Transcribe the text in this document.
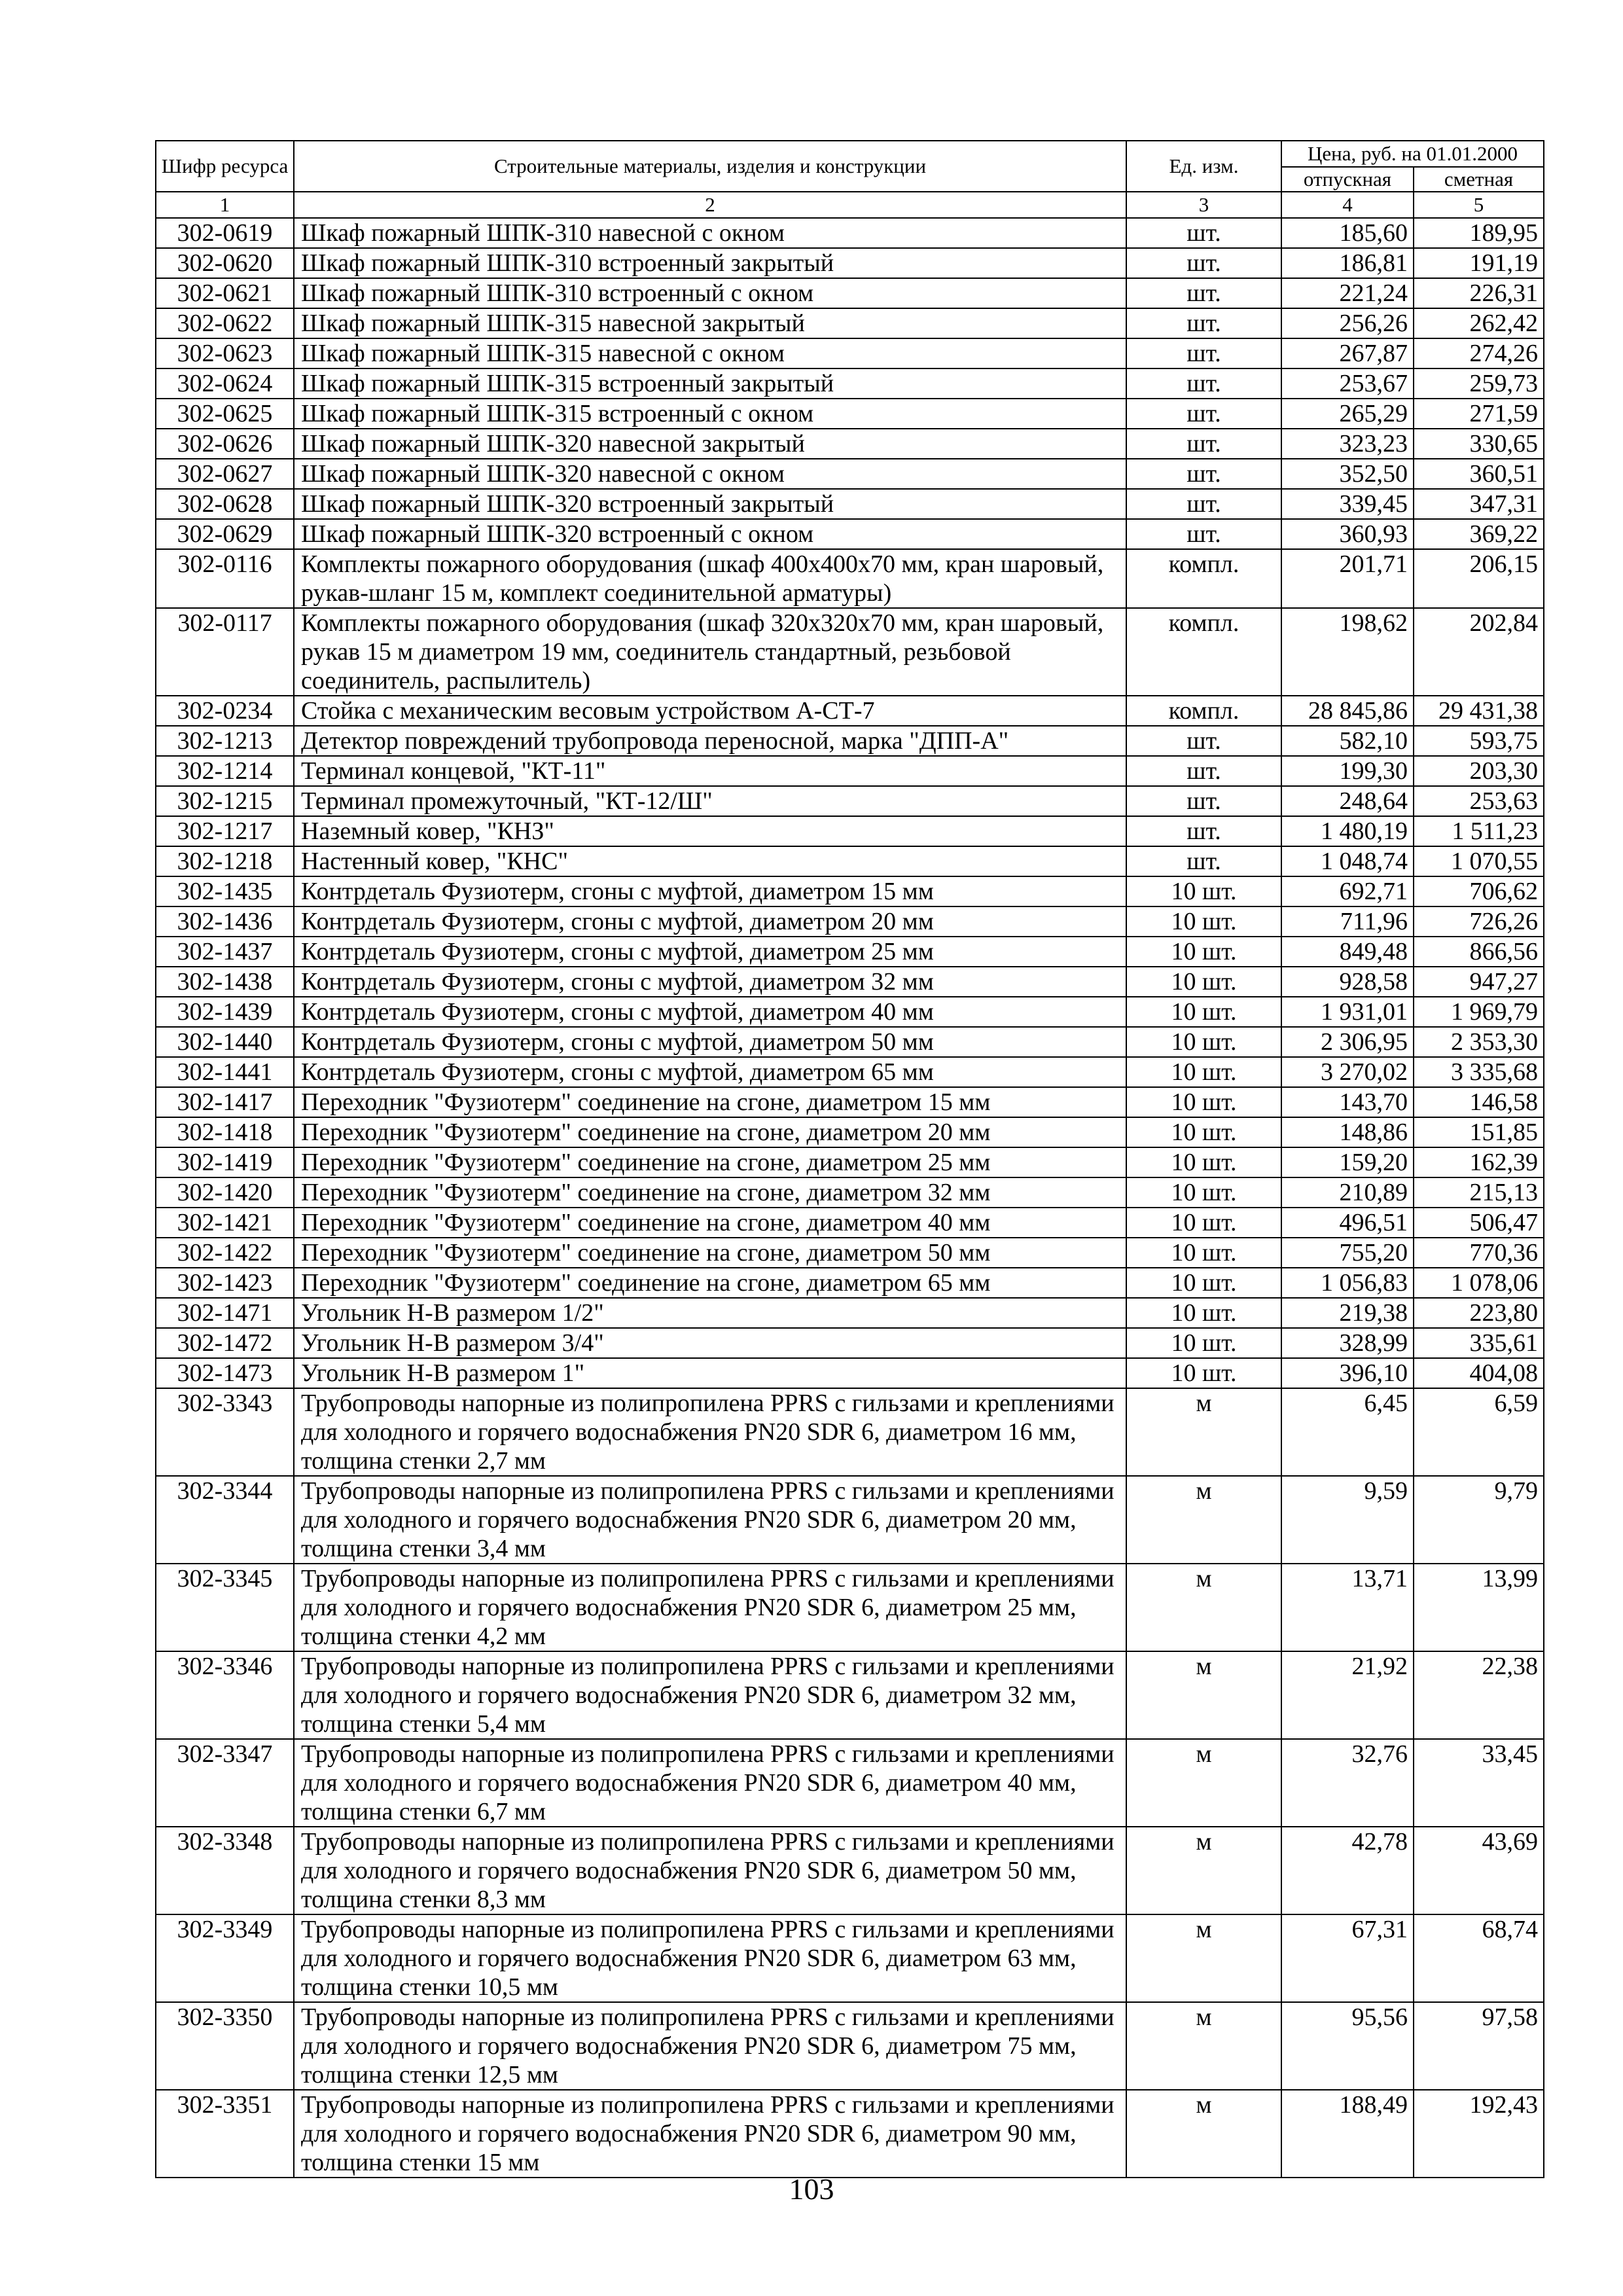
Шифр ресурса	Строительные материалы, изделия и конструкции	Ед. изм.	Цена, руб. на 01.01.2000	
			отпускная	сметная
1	2	3	4	5
302-0619	Шкаф пожарный ШПК-310 навесной с окном	шт.	185,60	189,95
302-0620	Шкаф пожарный ШПК-310 встроенный закрытый	шт.	186,81	191,19
302-0621	Шкаф пожарный ШПК-310 встроенный с окном	шт.	221,24	226,31
302-0622	Шкаф пожарный ШПК-315 навесной закрытый	шт.	256,26	262,42
302-0623	Шкаф пожарный ШПК-315 навесной с окном	шт.	267,87	274,26
302-0624	Шкаф пожарный ШПК-315 встроенный закрытый	шт.	253,67	259,73
302-0625	Шкаф пожарный ШПК-315 встроенный с окном	шт.	265,29	271,59
302-0626	Шкаф пожарный ШПК-320 навесной закрытый	шт.	323,23	330,65
302-0627	Шкаф пожарный ШПК-320 навесной с окном	шт.	352,50	360,51
302-0628	Шкаф пожарный ШПК-320 встроенный закрытый	шт.	339,45	347,31
302-0629	Шкаф пожарный ШПК-320 встроенный с окном	шт.	360,93	369,22
302-0116	Комплекты пожарного оборудования (шкаф 400x400x70 мм, кран шаровый, рукав-шланг 15 м, комплект соединительной арматуры)	компл.	201,71	206,15
302-0117	Комплекты пожарного оборудования (шкаф 320x320x70 мм, кран шаровый, рукав 15 м диаметром 19 мм, соединитель стандартный, резьбовой соединитель, распылитель)	компл.	198,62	202,84
302-0234	Стойка с механическим весовым устройством А-СТ-7	компл.	28 845,86	29 431,38
302-1213	Детектор повреждений трубопровода переносной, марка "ДПП-А"	шт.	582,10	593,75
302-1214	Терминал концевой, "КТ-11"	шт.	199,30	203,30
302-1215	Терминал промежуточный, "КТ-12/Ш"	шт.	248,64	253,63
302-1217	Наземный ковер, "КНЗ"	шт.	1 480,19	1 511,23
302-1218	Настенный ковер, "КНС"	шт.	1 048,74	1 070,55
302-1435	Контрдеталь Фузиотерм, сгоны с муфтой, диаметром 15 мм	10 шт.	692,71	706,62
302-1436	Контрдеталь Фузиотерм, сгоны с муфтой, диаметром 20 мм	10 шт.	711,96	726,26
302-1437	Контрдеталь Фузиотерм, сгоны с муфтой, диаметром 25 мм	10 шт.	849,48	866,56
302-1438	Контрдеталь Фузиотерм, сгоны с муфтой, диаметром 32 мм	10 шт.	928,58	947,27
302-1439	Контрдеталь Фузиотерм, сгоны с муфтой, диаметром 40 мм	10 шт.	1 931,01	1 969,79
302-1440	Контрдеталь Фузиотерм, сгоны с муфтой, диаметром 50 мм	10 шт.	2 306,95	2 353,30
302-1441	Контрдеталь Фузиотерм, сгоны с муфтой, диаметром 65 мм	10 шт.	3 270,02	3 335,68
302-1417	Переходник "Фузиотерм" соединение на сгоне, диаметром 15 мм	10 шт.	143,70	146,58
302-1418	Переходник "Фузиотерм" соединение на сгоне, диаметром 20 мм	10 шт.	148,86	151,85
302-1419	Переходник "Фузиотерм" соединение на сгоне, диаметром 25 мм	10 шт.	159,20	162,39
302-1420	Переходник "Фузиотерм" соединение на сгоне, диаметром 32 мм	10 шт.	210,89	215,13
302-1421	Переходник "Фузиотерм" соединение на сгоне, диаметром 40 мм	10 шт.	496,51	506,47
302-1422	Переходник "Фузиотерм" соединение на сгоне, диаметром 50 мм	10 шт.	755,20	770,36
302-1423	Переходник "Фузиотерм" соединение на сгоне, диаметром 65 мм	10 шт.	1 056,83	1 078,06
302-1471	Угольник Н-В размером 1/2"	10 шт.	219,38	223,80
302-1472	Угольник Н-В размером 3/4"	10 шт.	328,99	335,61
302-1473	Угольник Н-В размером 1"	10 шт.	396,10	404,08
302-3343	Трубопроводы напорные из полипропилена PPRS с гильзами и креплениями для холодного и горячего водоснабжения PN20 SDR 6, диаметром 16 мм, толщина стенки 2,7 мм	м	6,45	6,59
302-3344	Трубопроводы напорные из полипропилена PPRS с гильзами и креплениями для холодного и горячего водоснабжения PN20 SDR 6, диаметром 20 мм, толщина стенки 3,4 мм	м	9,59	9,79
302-3345	Трубопроводы напорные из полипропилена PPRS с гильзами и креплениями для холодного и горячего водоснабжения PN20 SDR 6, диаметром 25 мм, толщина стенки 4,2 мм	м	13,71	13,99
302-3346	Трубопроводы напорные из полипропилена PPRS с гильзами и креплениями для холодного и горячего водоснабжения PN20 SDR 6, диаметром 32 мм, толщина стенки 5,4 мм	м	21,92	22,38
302-3347	Трубопроводы напорные из полипропилена PPRS с гильзами и креплениями для холодного и горячего водоснабжения PN20 SDR 6, диаметром 40 мм, толщина стенки 6,7 мм	м	32,76	33,45
302-3348	Трубопроводы напорные из полипропилена PPRS с гильзами и креплениями для холодного и горячего водоснабжения PN20 SDR 6, диаметром 50 мм, толщина стенки 8,3 мм	м	42,78	43,69
302-3349	Трубопроводы напорные из полипропилена PPRS с гильзами и креплениями для холодного и горячего водоснабжения PN20 SDR 6, диаметром 63 мм, толщина стенки 10,5 мм	м	67,31	68,74
302-3350	Трубопроводы напорные из полипропилена PPRS с гильзами и креплениями для холодного и горячего водоснабжения PN20 SDR 6, диаметром 75 мм, толщина стенки 12,5 мм	м	95,56	97,58
302-3351	Трубопроводы напорные из полипропилена PPRS с гильзами и креплениями для холодного и горячего водоснабжения PN20 SDR 6, диаметром 90 мм, толщина стенки 15 мм	м	188,49	192,43
103
